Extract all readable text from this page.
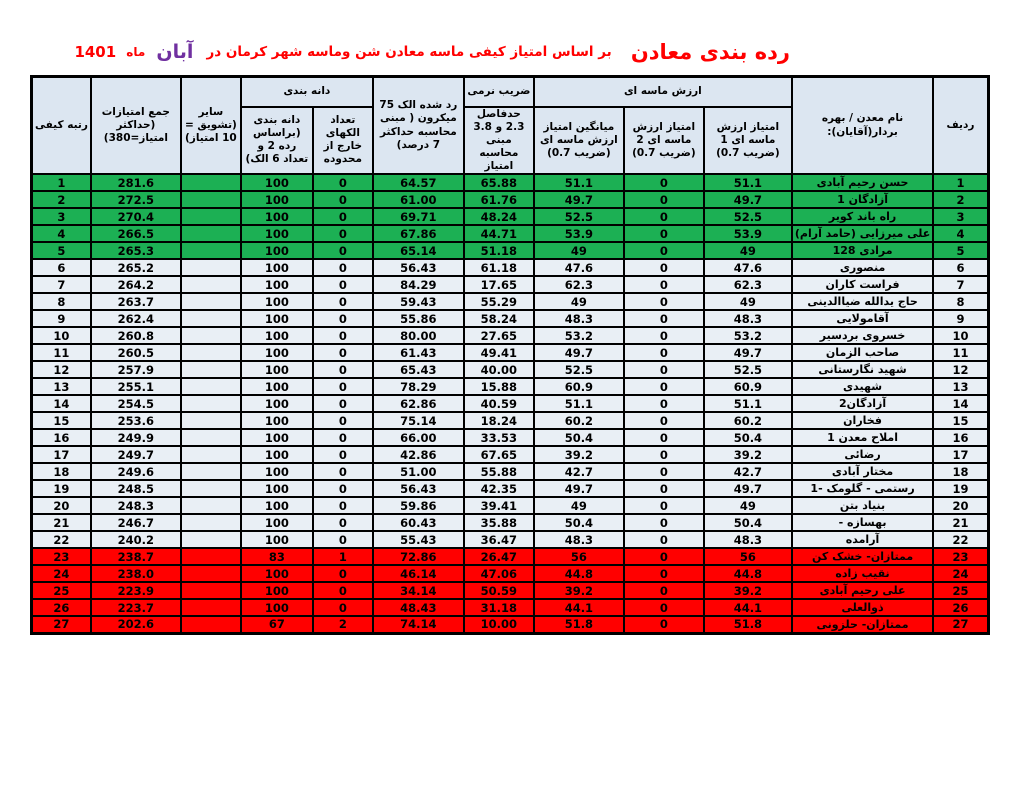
رده بندی معادن بر اساس امتیاز کیفی ماسه معادن شن وماسه شهر کرمان در آبان ماه 1401
ردیف	نام معدن / بهره بردار(آقایان):	ارزش ماسه ای			ضریب نرمی	رد شده الک 75 میکرون ( مبنی محاسبه حداکثر 7 درصد)	دانه بندی		سایر (تشویق = 10 امتیاز)	جمع امتیازات (حداکثر امتیاز=380)	رتبه کیفی
		امتیاز ارزش ماسه ای 1 (ضریب 0.7)	امتیاز ارزش ماسه ای 2 (ضریب 0.7)	میانگین امتیاز ارزش ماسه ای (ضریب 0.7)	حدفاصل 2.3 و 3.8 مبنی محاسبه امتیاز		تعداد الکهای خارج از محدوده	دانه بندی (براساس رده 2 و تعداد 6 الک)			
1	حسن رحیم آبادی	51.1	0	51.1	65.88	64.57	0	100		281.6	1
2	آزادگان 1	49.7	0	49.7	61.76	61.00	0	100		272.5	2
3	راه باند کویر	52.5	0	52.5	48.24	69.71	0	100		270.4	3
4	علی میرزایی (حامد آرام)	53.9	0	53.9	44.71	67.86	0	100		266.5	4
5	مرادی 128	49	0	49	51.18	65.14	0	100		265.3	5
6	منصوری	47.6	0	47.6	61.18	56.43	0	100		265.2	6
7	فراست کاران	62.3	0	62.3	17.65	84.29	0	100		264.2	7
8	حاج یدالله ضیاالدینی	49	0	49	55.29	59.43	0	100		263.7	8
9	آقامولایی	48.3	0	48.3	58.24	55.86	0	100		262.4	9
10	خسروی بردسیر	53.2	0	53.2	27.65	80.00	0	100		260.8	10
11	صاحب الزمان	49.7	0	49.7	49.41	61.43	0	100		260.5	11
12	شهید نگارستانی	52.5	0	52.5	40.00	65.43	0	100		257.9	12
13	شهیدی	60.9	0	60.9	15.88	78.29	0	100		255.1	13
14	آزادگان2	51.1	0	51.1	40.59	62.86	0	100		254.5	14
15	فخاران	60.2	0	60.2	18.24	75.14	0	100		253.6	15
16	املاح معدن 1	50.4	0	50.4	33.53	66.00	0	100		249.9	16
17	رضائی	39.2	0	39.2	67.65	42.86	0	100		249.7	17
18	مختار آبادی	42.7	0	42.7	55.88	51.00	0	100		249.6	18
19	رستمی - گلومک -1	49.7	0	49.7	42.35	56.43	0	100		248.5	19
20	بنیاد بتن	49	0	49	39.41	59.86	0	100		248.3	20
21	بهسازه -	50.4	0	50.4	35.88	60.43	0	100		246.7	21
22	آرامده	48.3	0	48.3	36.47	55.43	0	100		240.2	22
23	ممتازان- خشک کن	56	0	56	26.47	72.86	1	83		238.7	23
24	نقیب زاده	44.8	0	44.8	47.06	46.14	0	100		238.0	24
25	علی رحیم آبادی	39.2	0	39.2	50.59	34.14	0	100		223.9	25
26	ذوالعلی	44.1	0	44.1	31.18	48.43	0	100		223.7	26
27	ممتازان- حلزونی	51.8	0	51.8	10.00	74.14	2	67		202.6	27
